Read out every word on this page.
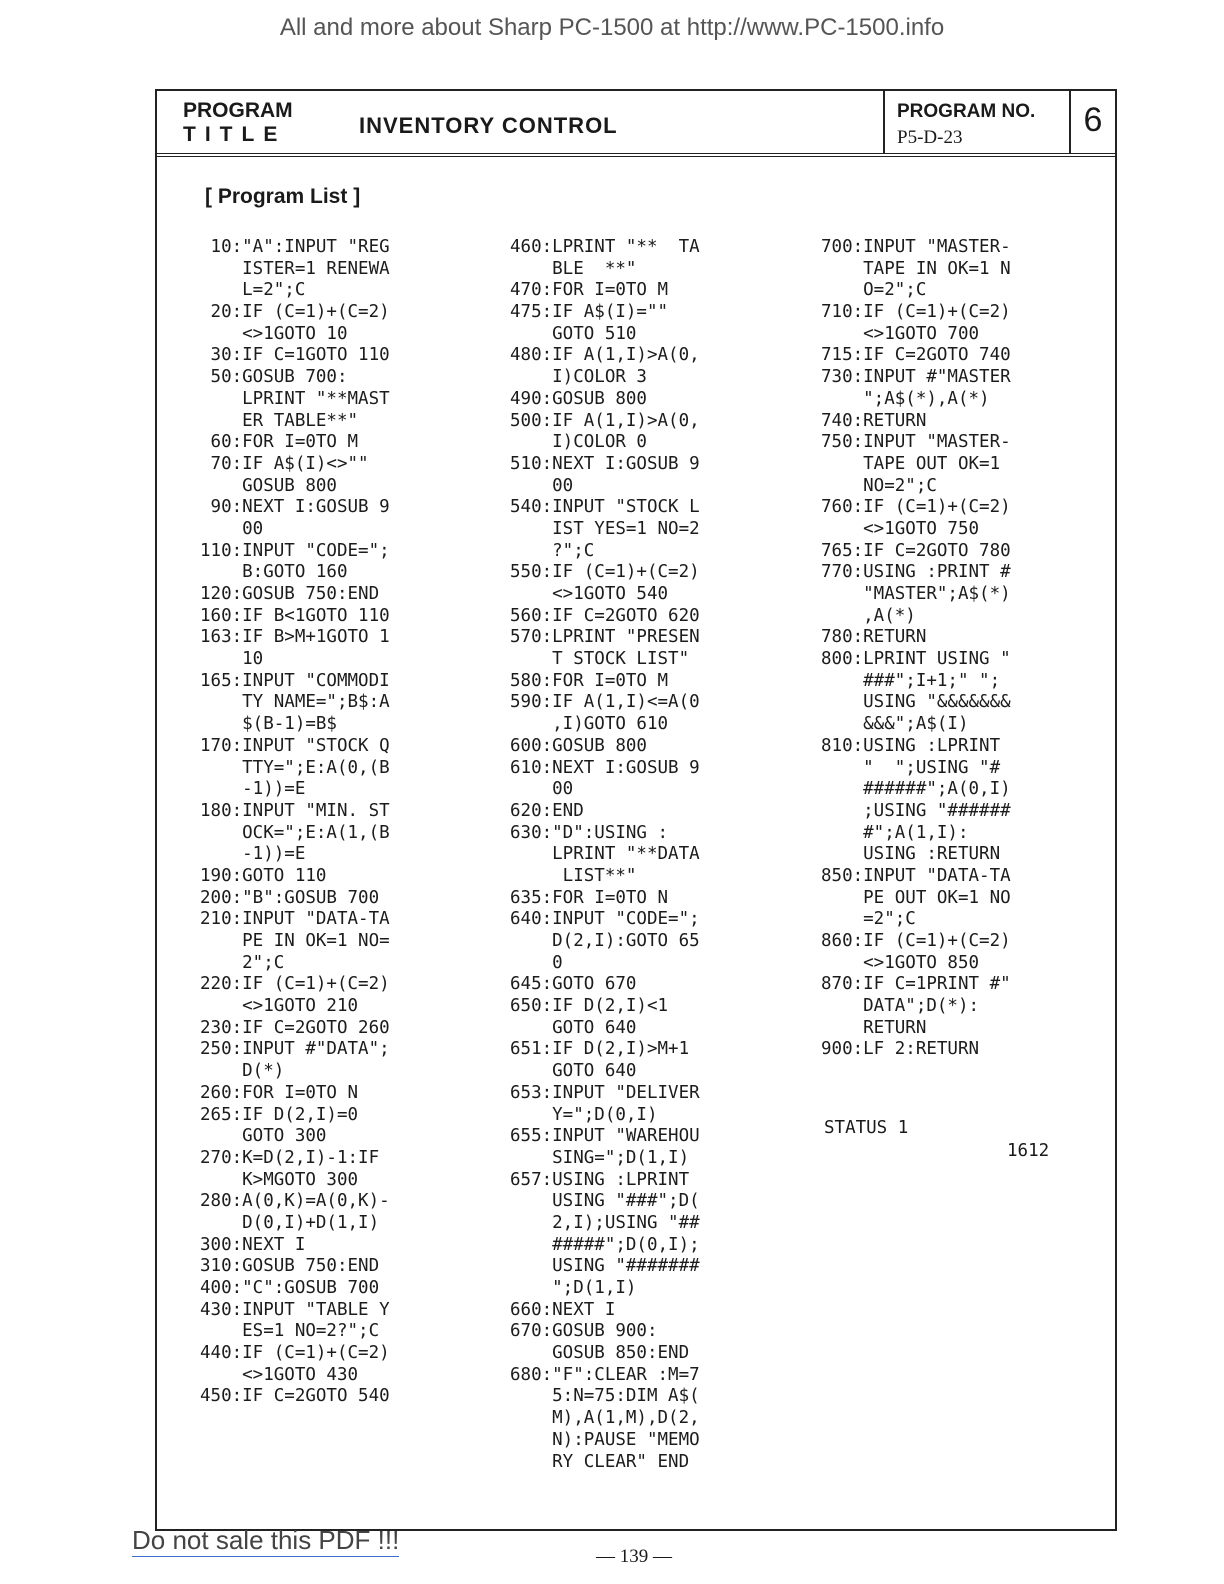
All and more about Sharp PC-1500 at http://www.PC-1500.info
PROGRAM
TITLE	INVENTORY CONTROL
PROGRAM NO.
P5-D-23	6
[ Program List ]
10:"A":INPUT "REG
ISTER=1 RENEWA
L=2";C
20:IF (C=1)+(C=2)
<>1GOTO 10
30:IF C=1GOTO 110
50:GOSUB 700:
LPRINT "**MAST
ER TABLE**"
60:FOR I=0TO M
70:IF A$(I)<>""
GOSUB 800
90:NEXT I:GOSUB 9
00
110:INPUT "CODE=";
B:GOTO 160
120:GOSUB 750:END
160:IF B<1GOTO 110
163:IF B>M+1GOTO 1
10
165:INPUT "COMMODI
TY NAME=";B$:A
$(B-1)=B$
170:INPUT "STOCK Q
TTY=";E:A(0,(B
-1))=E
180:INPUT "MIN. ST
OCK=";E:A(1,(B
-1))=E
190:GOTO 110
200:"B":GOSUB 700
210:INPUT "DATA-TA
PE IN OK=1 NO=
2";C
220:IF (C=1)+(C=2)
<>1GOTO 210
230:IF C=2GOTO 260
250:INPUT #"DATA";
D(*)
260:FOR I=0TO N
265:IF D(2,I)=0
GOTO 300
270:K=D(2,I)-1:IF
K>MGOTO 300
280:A(0,K)=A(0,K)-
D(0,I)+D(1,I)
300:NEXT I
310:GOSUB 750:END
400:"C":GOSUB 700
430:INPUT "TABLE Y
ES=1 NO=2?";C
440:IF (C=1)+(C=2)
<>1GOTO 430
450:IF C=2GOTO 540
460:LPRINT "**  TA
BLE  **"
470:FOR I=0TO M
475:IF A$(I)=""
GOTO 510
480:IF A(1,I)>A(0,
I)COLOR 3
490:GOSUB 800
500:IF A(1,I)>A(0,
I)COLOR 0
510:NEXT I:GOSUB 9
00
540:INPUT "STOCK L
IST YES=1 NO=2
?";C
550:IF (C=1)+(C=2)
<>1GOTO 540
560:IF C=2GOTO 620
570:LPRINT "PRESEN
T STOCK LIST"
580:FOR I=0TO M
590:IF A(1,I)<=A(0
,I)GOTO 610
600:GOSUB 800
610:NEXT I:GOSUB 9
00
620:END
630:"D":USING :
LPRINT "**DATA
LIST**"
635:FOR I=0TO N
640:INPUT "CODE=";
D(2,I):GOTO 65
0
645:GOTO 670
650:IF D(2,I)<1
GOTO 640
651:IF D(2,I)>M+1
GOTO 640
653:INPUT "DELIVER
Y=";D(0,I)
655:INPUT "WAREHOU
SING=";D(1,I)
657:USING :LPRINT
USING "###";D(
2,I);USING "##
#####";D(0,I);
USING "#######
";D(1,I)
660:NEXT I
670:GOSUB 900:
GOSUB 850:END
680:"F":CLEAR :M=7
5:N=75:DIM A$(
M),A(1,M),D(2,
N):PAUSE "MEMO
RY CLEAR" END
700:INPUT "MASTER-
TAPE IN OK=1 N
O=2";C
710:IF (C=1)+(C=2)
<>1GOTO 700
715:IF C=2GOTO 740
730:INPUT #"MASTER
";A$(*),A(*)
740:RETURN
750:INPUT "MASTER-
TAPE OUT OK=1
NO=2";C
760:IF (C=1)+(C=2)
<>1GOTO 750
765:IF C=2GOTO 780
770:USING :PRINT #
"MASTER";A$(*)
,A(*)
780:RETURN
800:LPRINT USING "
###";I+1;" ";
USING "&&&&&&&
&&&";A$(I)
810:USING :LPRINT
"  ";USING "#
######";A(0,I)
;USING "######
#";A(1,I):
USING :RETURN
850:INPUT "DATA-TA
PE OUT OK=1 NO
=2";C
860:IF (C=1)+(C=2)
<>1GOTO 850
870:IF C=1PRINT #"
DATA";D(*):
RETURN
900:LF 2:RETURN
STATUS 1
1612
Do not sale this PDF !!!
— 139 —
